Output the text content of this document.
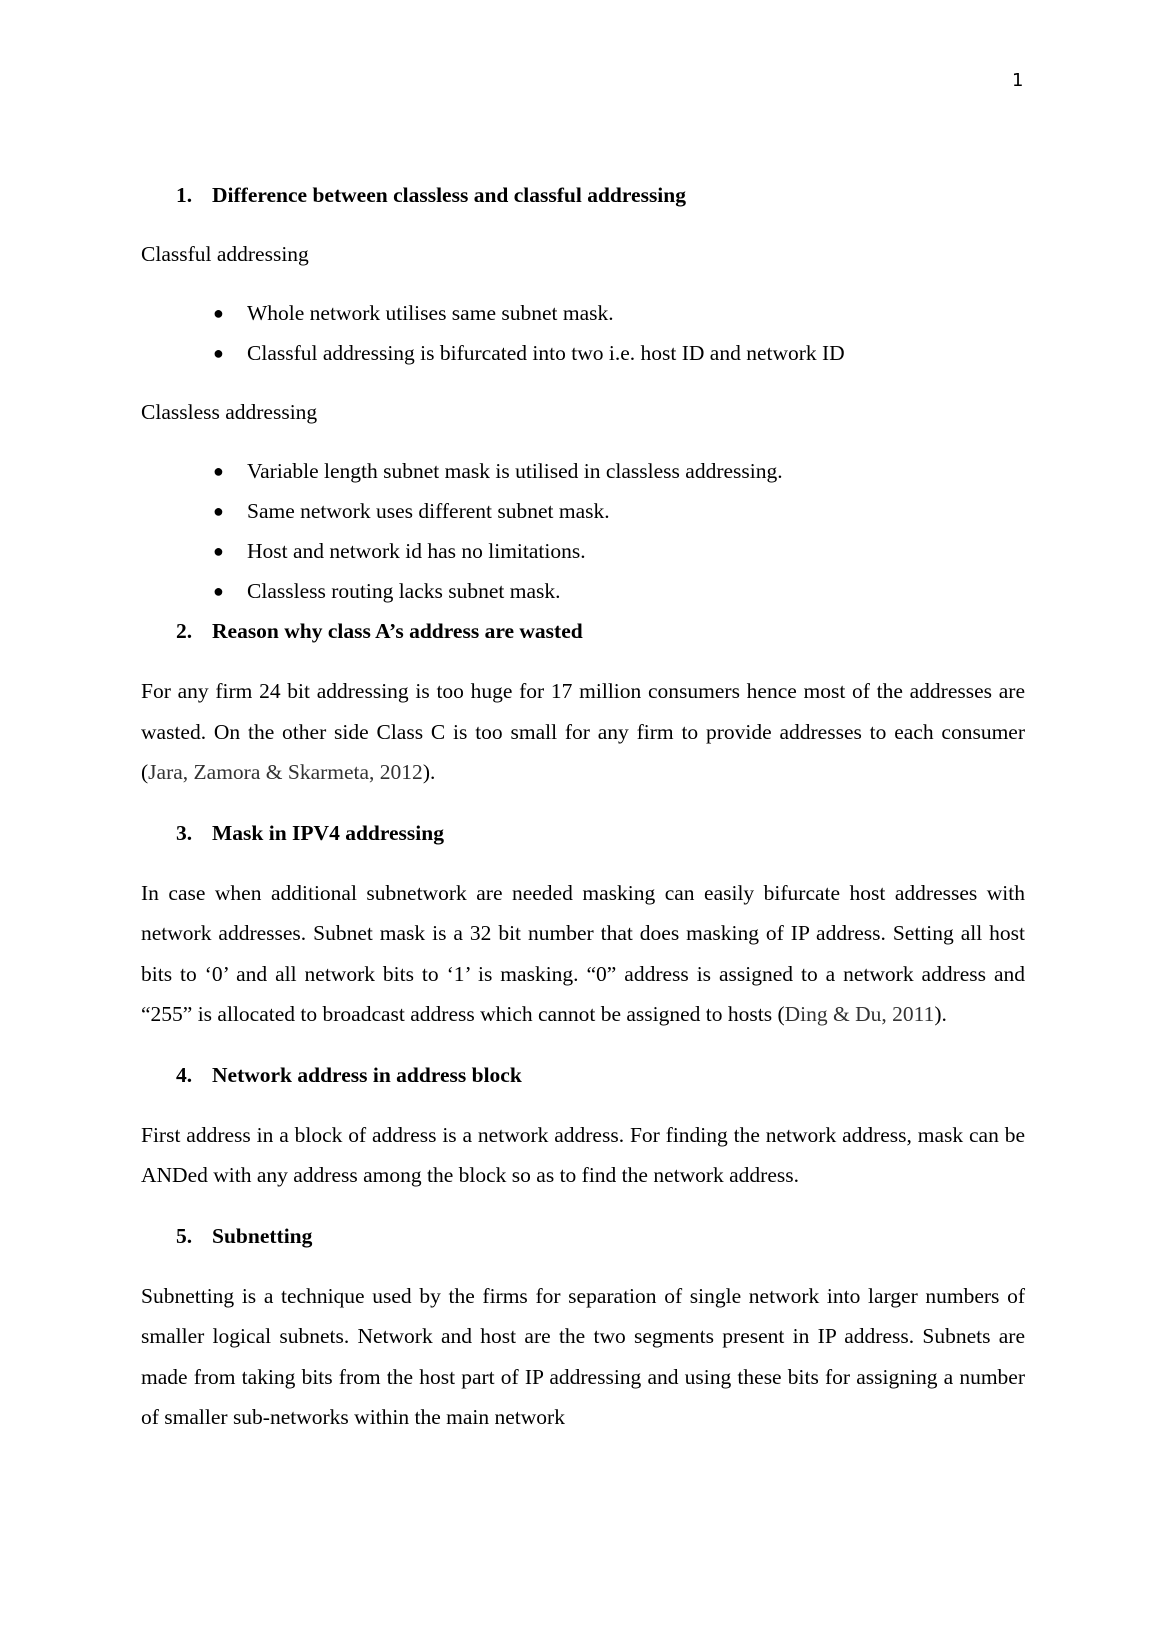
1
1. Difference between classless and classful addressing
Classful addressing
● Whole network utilises same subnet mask.
● Classful addressing is bifurcated into two i.e. host ID and network ID
Classless addressing
● Variable length subnet mask is utilised in classless addressing.
● Same network uses different subnet mask.
● Host and network id has no limitations.
● Classless routing lacks subnet mask.
2. Reason why class A’s address are wasted

For any firm 24 bit addressing is too huge for 17 million consumers hence most of the addresses are wasted. On the other side Class C is too small for any firm to provide addresses to each consumer (Jara, Zamora & Skarmeta, 2012).

3. Mask in IPV4 addressing

In case when additional subnetwork are needed masking can easily bifurcate host addresses with network addresses. Subnet mask is a 32 bit number that does masking of IP address. Setting all host bits to ‘0’ and all network bits to ‘1’ is masking. “0” address is assigned to a network address and “255” is allocated to broadcast address which cannot be assigned to hosts (Ding & Du, 2011).

4. Network address in address block

First address in a block of address is a network address. For finding the network address, mask can be ANDed with any address among the block so as to find the network address.

5. Subnetting

Subnetting is a technique used by the firms for separation of single network into larger numbers of smaller logical subnets. Network and host are the two segments present in IP address. Subnets are made from taking bits from the host part of IP addressing and using these bits for assigning a number of smaller sub-networks within the main network
